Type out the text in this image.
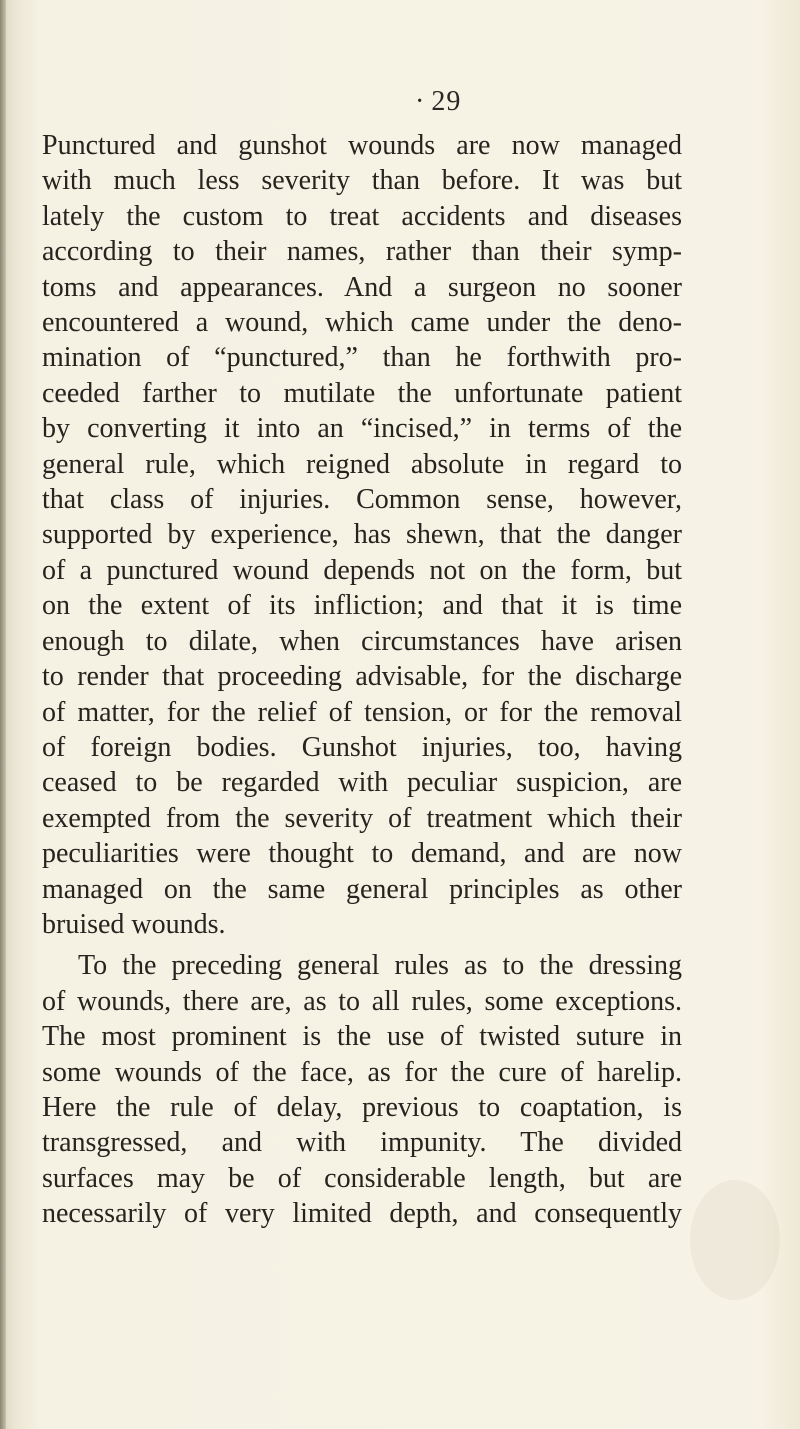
· 29

Punctured and gunshot wounds are now managed
with much less severity than before. It was but
lately the custom to treat accidents and diseases
according to their names, rather than their symp-
toms and appearances. And a surgeon no sooner
encountered a wound, which came under the deno-
mination of “punctured,” than he forthwith pro-
ceeded farther to mutilate the unfortunate patient
by converting it into an “incised,” in terms of the
general rule, which reigned absolute in regard to
that class of injuries. Common sense, however,
supported by experience, has shewn, that the danger
of a punctured wound depends not on the form, but
on the extent of its infliction; and that it is time
enough to dilate, when circumstances have arisen
to render that proceeding advisable, for the discharge
of matter, for the relief of tension, or for the removal
of foreign bodies. Gunshot injuries, too, having
ceased to be regarded with peculiar suspicion, are
exempted from the severity of treatment which their
peculiarities were thought to demand, and are now
managed on the same general principles as other
bruised wounds.

To the preceding general rules as to the dressing
of wounds, there are, as to all rules, some exceptions.
The most prominent is the use of twisted suture in
some wounds of the face, as for the cure of harelip.
Here the rule of delay, previous to coaptation, is
transgressed, and with impunity. The divided
surfaces may be of considerable length, but are
necessarily of very limited depth, and consequently
